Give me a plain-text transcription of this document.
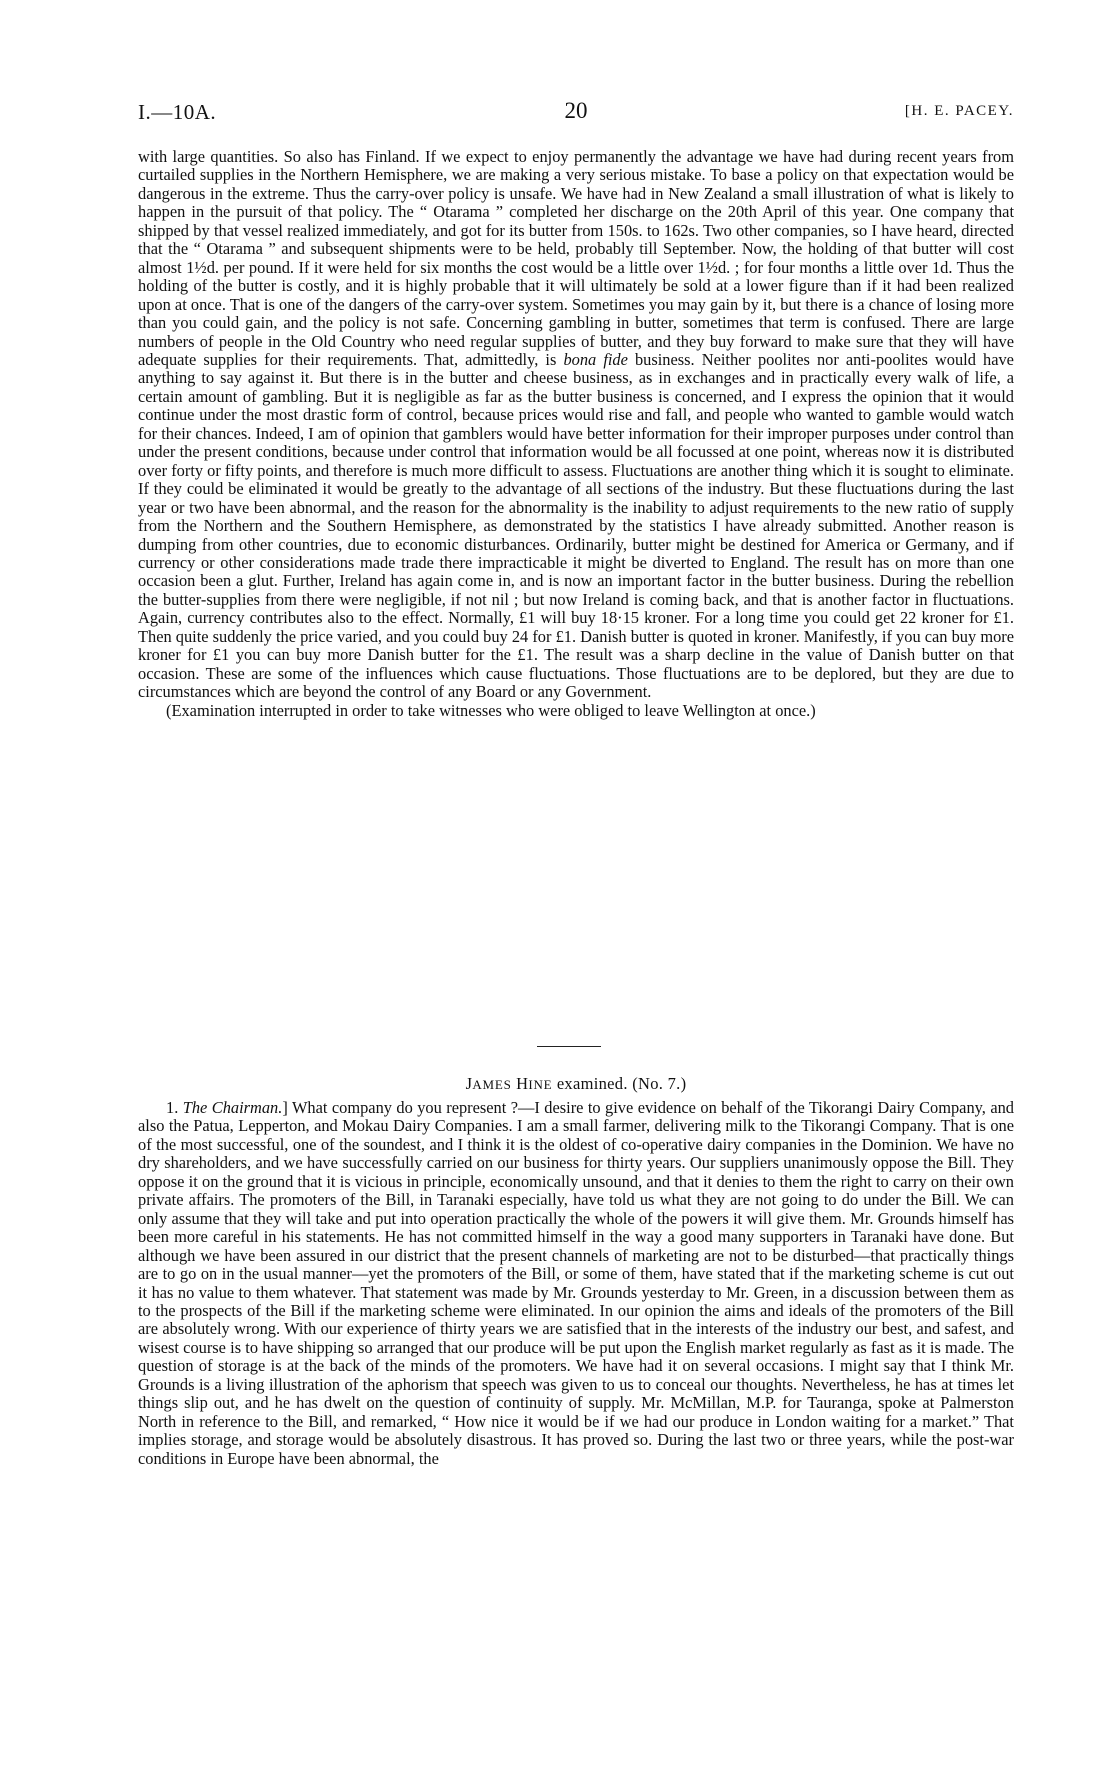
I.—10A.	20	[H. E. PACEY.

with large quantities. So also has Finland. If we expect to enjoy permanently the advantage we have had during recent years from curtailed supplies in the Northern Hemisphere, we are making a very serious mistake. To base a policy on that expectation would be dangerous in the extreme. Thus the carry-over policy is unsafe. We have had in New Zealand a small illustration of what is likely to happen in the pursuit of that policy. The “ Otarama ” completed her discharge on the 20th April of this year. One company that shipped by that vessel realized immediately, and got for its butter from 150s. to 162s. Two other companies, so I have heard, directed that the “ Otarama ” and subsequent shipments were to be held, probably till September. Now, the holding of that butter will cost almost 1½d. per pound. If it were held for six months the cost would be a little over 1½d. ; for four months a little over 1d. Thus the holding of the butter is costly, and it is highly probable that it will ultimately be sold at a lower figure than if it had been realized upon at once. That is one of the dangers of the carry-over system. Sometimes you may gain by it, but there is a chance of losing more than you could gain, and the policy is not safe. Concerning gambling in butter, sometimes that term is confused. There are large numbers of people in the Old Country who need regular supplies of butter, and they buy forward to make sure that they will have adequate supplies for their requirements. That, admittedly, is bona fide business. Neither poolites nor anti-poolites would have anything to say against it. But there is in the butter and cheese business, as in exchanges and in practically every walk of life, a certain amount of gambling. But it is negligible as far as the butter business is concerned, and I express the opinion that it would continue under the most drastic form of control, because prices would rise and fall, and people who wanted to gamble would watch for their chances. Indeed, I am of opinion that gamblers would have better information for their improper purposes under control than under the present conditions, because under control that information would be all focussed at one point, whereas now it is distributed over forty or fifty points, and therefore is much more difficult to assess. Fluctuations are another thing which it is sought to eliminate. If they could be eliminated it would be greatly to the advantage of all sections of the industry. But these fluctuations during the last year or two have been abnormal, and the reason for the abnormality is the inability to adjust requirements to the new ratio of supply from the Northern and the Southern Hemisphere, as demonstrated by the statistics I have already submitted. Another reason is dumping from other countries, due to economic disturbances. Ordinarily, butter might be destined for America or Germany, and if currency or other considerations made trade there impracticable it might be diverted to England. The result has on more than one occasion been a glut. Further, Ireland has again come in, and is now an important factor in the butter business. During the rebellion the butter-supplies from there were negligible, if not nil ; but now Ireland is coming back, and that is another factor in fluctuations. Again, currency contributes also to the effect. Normally, £1 will buy 18·15 kroner. For a long time you could get 22 kroner for £1. Then quite suddenly the price varied, and you could buy 24 for £1. Danish butter is quoted in kroner. Manifestly, if you can buy more kroner for £1 you can buy more Danish butter for the £1. The result was a sharp decline in the value of Danish butter on that occasion. These are some of the influences which cause fluctuations. Those fluctuations are to be deplored, but they are due to circumstances which are beyond the control of any Board or any Government.

(Examination interrupted in order to take witnesses who were obliged to leave Wellington at once.)

JAMES HINE examined. (No. 7.)

1. The Chairman.] What company do you represent ?—I desire to give evidence on behalf of the Tikorangi Dairy Company, and also the Patua, Lepperton, and Mokau Dairy Companies. I am a small farmer, delivering milk to the Tikorangi Company. That is one of the most successful, one of the soundest, and I think it is the oldest of co-operative dairy companies in the Dominion. We have no dry shareholders, and we have successfully carried on our business for thirty years. Our suppliers unanimously oppose the Bill. They oppose it on the ground that it is vicious in principle, economically unsound, and that it denies to them the right to carry on their own private affairs. The promoters of the Bill, in Taranaki especially, have told us what they are not going to do under the Bill. We can only assume that they will take and put into operation practically the whole of the powers it will give them. Mr. Grounds himself has been more careful in his statements. He has not committed himself in the way a good many supporters in Taranaki have done. But although we have been assured in our district that the present channels of marketing are not to be disturbed—that practically things are to go on in the usual manner—yet the promoters of the Bill, or some of them, have stated that if the marketing scheme is cut out it has no value to them whatever. That statement was made by Mr. Grounds yesterday to Mr. Green, in a discussion between them as to the prospects of the Bill if the marketing scheme were eliminated. In our opinion the aims and ideals of the promoters of the Bill are absolutely wrong. With our experience of thirty years we are satisfied that in the interests of the industry our best, and safest, and wisest course is to have shipping so arranged that our produce will be put upon the English market regularly as fast as it is made. The question of storage is at the back of the minds of the promoters. We have had it on several occasions. I might say that I think Mr. Grounds is a living illustration of the aphorism that speech was given to us to conceal our thoughts. Nevertheless, he has at times let things slip out, and he has dwelt on the question of continuity of supply. Mr. McMillan, M.P. for Tauranga, spoke at Palmerston North in reference to the Bill, and remarked, “ How nice it would be if we had our produce in London waiting for a market.” That implies storage, and storage would be absolutely disastrous. It has proved so. During the last two or three years, while the post-war conditions in Europe have been abnormal, the
